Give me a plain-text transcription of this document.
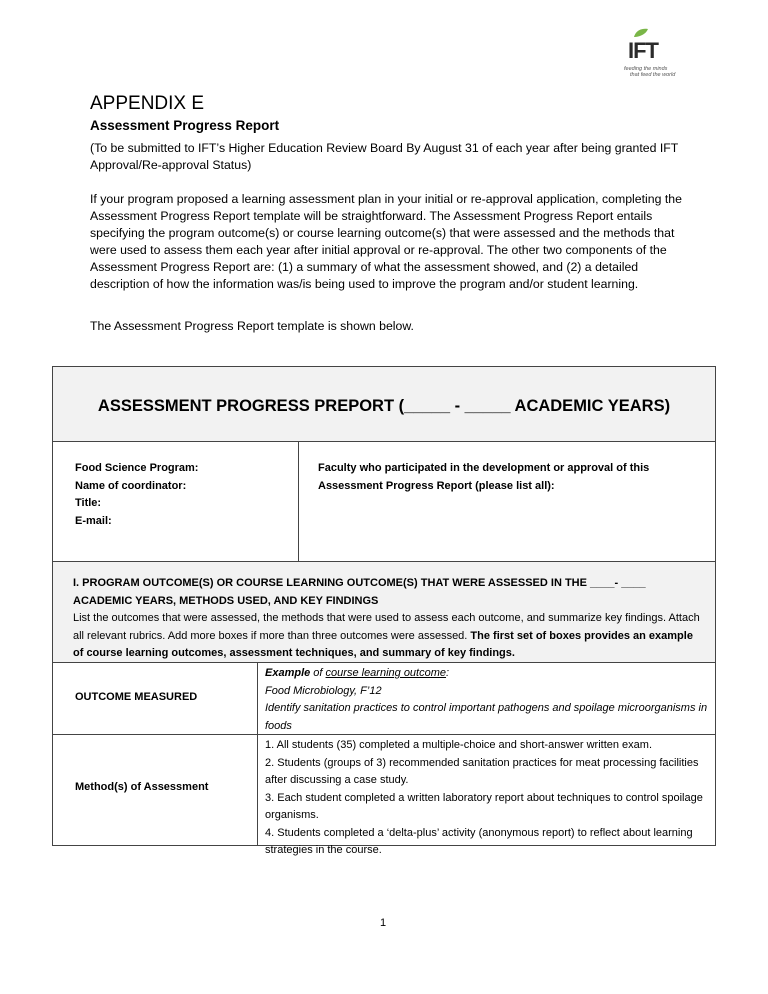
IFT
feeding the minds
that feed the world
APPENDIX E
Assessment Progress Report
(To be submitted to IFT’s Higher Education Review Board By August 31 of each year after being granted IFT Approval/Re-approval Status)
If your program proposed a learning assessment plan in your initial or re-approval application, completing the Assessment Progress Report template will be straightforward. The Assessment Progress Report entails specifying the program outcome(s) or course learning outcome(s) that were assessed and the methods that were used to assess them each year after initial approval or re-approval. The other two components of the Assessment Progress Report are: (1) a summary of what the assessment showed, and (2) a detailed description of how the information was/is being used to improve the program and/or student learning.
The Assessment Progress Report template is shown below.
ASSESSMENT PROGRESS PREPORT (_____ - _____ ACADEMIC YEARS)
Food Science Program:
Name of coordinator:
Title:
E-mail:
Faculty who participated in the development or approval of this Assessment Progress Report (please list all):
I. PROGRAM OUTCOME(S) OR COURSE LEARNING OUTCOME(S) THAT WERE ASSESSED IN THE ____- ____ ACADEMIC YEARS, METHODS USED, AND KEY FINDINGS
List the outcomes that were assessed, the methods that were used to assess each outcome, and summarize key findings. Attach all relevant rubrics. Add more boxes if more than three outcomes were assessed. The first set of boxes provides an example of course learning outcomes, assessment techniques, and summary of key findings.
OUTCOME MEASURED
Example of course learning outcome:
Food Microbiology, F’12
Identify sanitation practices to control important pathogens and spoilage microorganisms in foods
Method(s) of Assessment
1. All students (35) completed a multiple-choice and short-answer written exam.
2. Students (groups of 3) recommended sanitation practices for meat processing facilities after discussing a case study.
3. Each student completed a written laboratory report about techniques to control spoilage organisms.
4. Students completed a ‘delta-plus’ activity (anonymous report) to reflect about learning strategies in the course.
1
